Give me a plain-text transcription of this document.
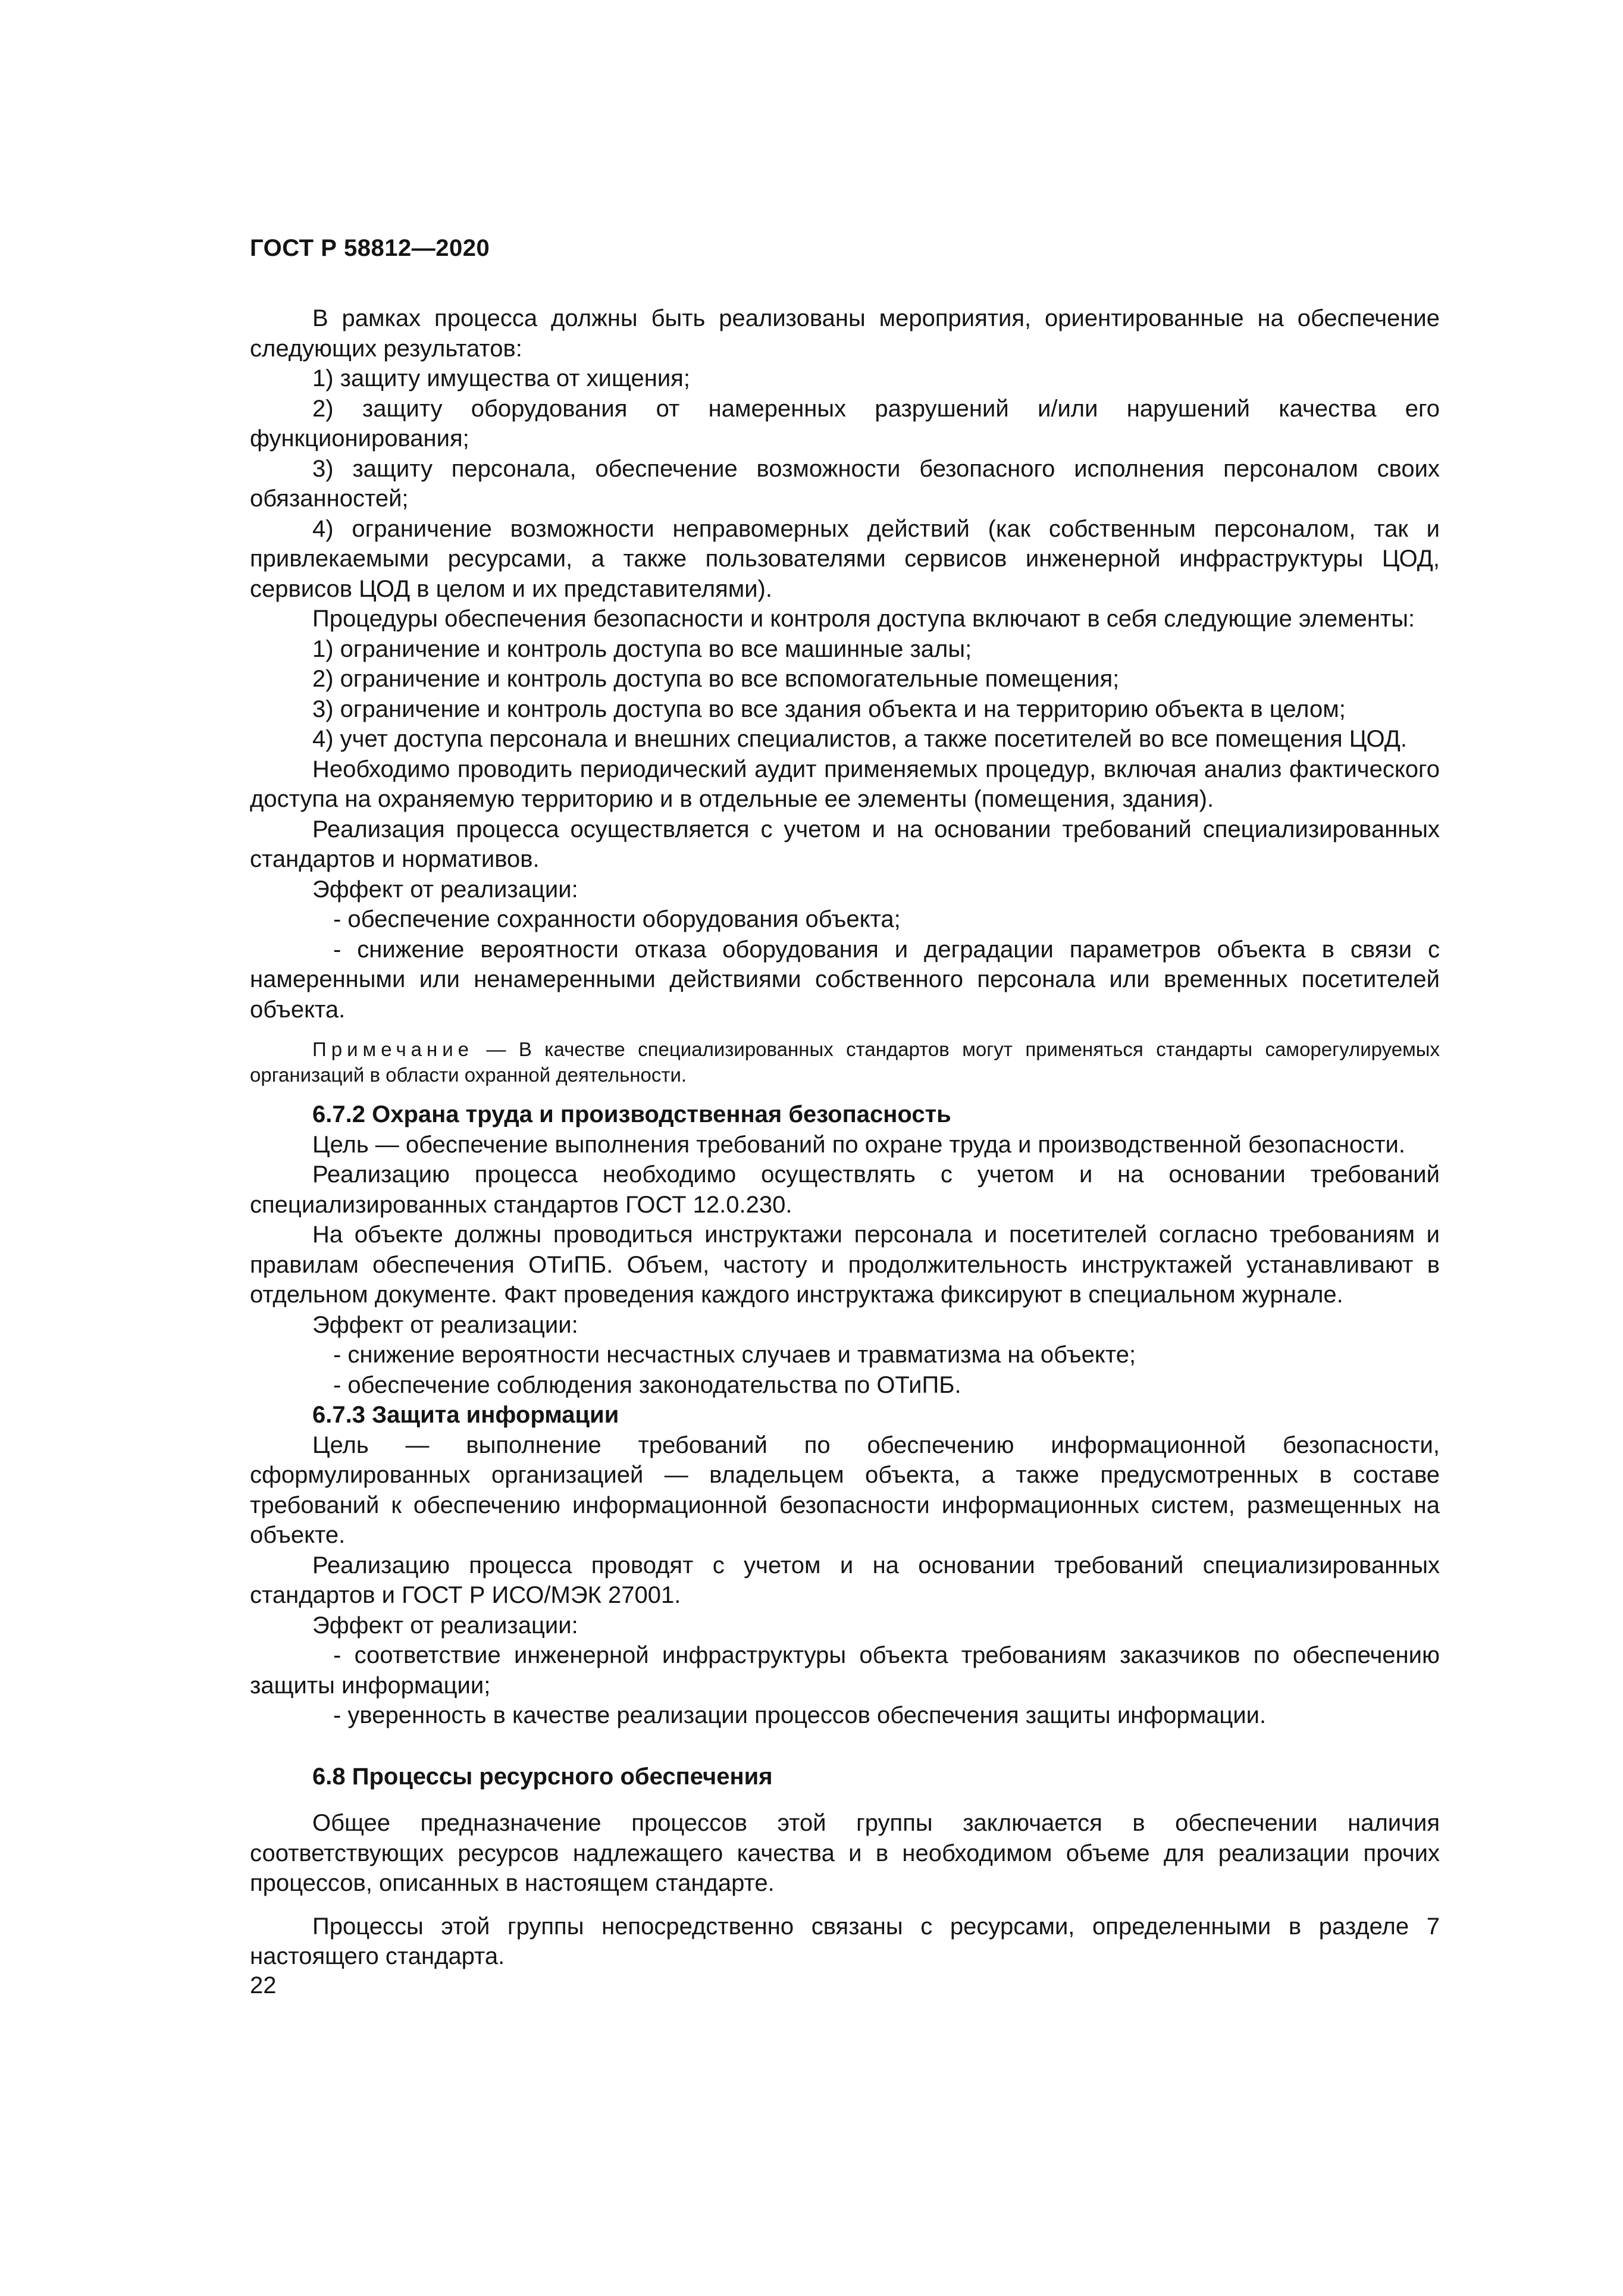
ГОСТ Р 58812—2020

В рамках процесса должны быть реализованы мероприятия, ориентированные на обеспечение следующих результатов:

1) защиту имущества от хищения;

2) защиту оборудования от намеренных разрушений и/или нарушений качества его функционирования;

3) защиту персонала, обеспечение возможности безопасного исполнения персоналом своих обязанностей;

4) ограничение возможности неправомерных действий (как собственным персоналом, так и привлекаемыми ресурсами, а также пользователями сервисов инженерной инфраструктуры ЦОД, сервисов ЦОД в целом и их представителями).

Процедуры обеспечения безопасности и контроля доступа включают в себя следующие элементы:

1) ограничение и контроль доступа во все машинные залы;

2) ограничение и контроль доступа во все вспомогательные помещения;

3) ограничение и контроль доступа во все здания объекта и на территорию объекта в целом;

4) учет доступа персонала и внешних специалистов, а также посетителей во все помещения ЦОД.

Необходимо проводить периодический аудит применяемых процедур, включая анализ фактического доступа на охраняемую территорию и в отдельные ее элементы (помещения, здания).

Реализация процесса осуществляется с учетом и на основании требований специализированных стандартов и нормативов.

Эффект от реализации:

- обеспечение сохранности оборудования объекта;

- снижение вероятности отказа оборудования и деградации параметров объекта в связи с намеренными или ненамеренными действиями собственного персонала или временных посетителей объекта.

Примечание — В качестве специализированных стандартов могут применяться стандарты саморегулируемых организаций в области охранной деятельности.

6.7.2 Охрана труда и производственная безопасность

Цель — обеспечение выполнения требований по охране труда и производственной безопасности.

Реализацию процесса необходимо осуществлять с учетом и на основании требований специализированных стандартов ГОСТ 12.0.230.

На объекте должны проводиться инструктажи персонала и посетителей согласно требованиям и правилам обеспечения ОТиПБ. Объем, частоту и продолжительность инструктажей устанавливают в отдельном документе. Факт проведения каждого инструктажа фиксируют в специальном журнале.

Эффект от реализации:

- снижение вероятности несчастных случаев и травматизма на объекте;

- обеспечение соблюдения законодательства по ОТиПБ.

6.7.3 Защита информации

Цель — выполнение требований по обеспечению информационной безопасности, сформулированных организацией — владельцем объекта, а также предусмотренных в составе требований к обеспечению информационной безопасности информационных систем, размещенных на объекте.

Реализацию процесса проводят с учетом и на основании требований специализированных стандартов и ГОСТ Р ИСО/МЭК 27001.

Эффект от реализации:

- соответствие инженерной инфраструктуры объекта требованиям заказчиков по обеспечению защиты информации;

- уверенность в качестве реализации процессов обеспечения защиты информации.

6.8 Процессы ресурсного обеспечения

Общее предназначение процессов этой группы заключается в обеспечении наличия соответствующих ресурсов надлежащего качества и в необходимом объеме для реализации прочих процессов, описанных в настоящем стандарте.

Процессы этой группы непосредственно связаны с ресурсами, определенными в разделе 7 настоящего стандарта.

22
